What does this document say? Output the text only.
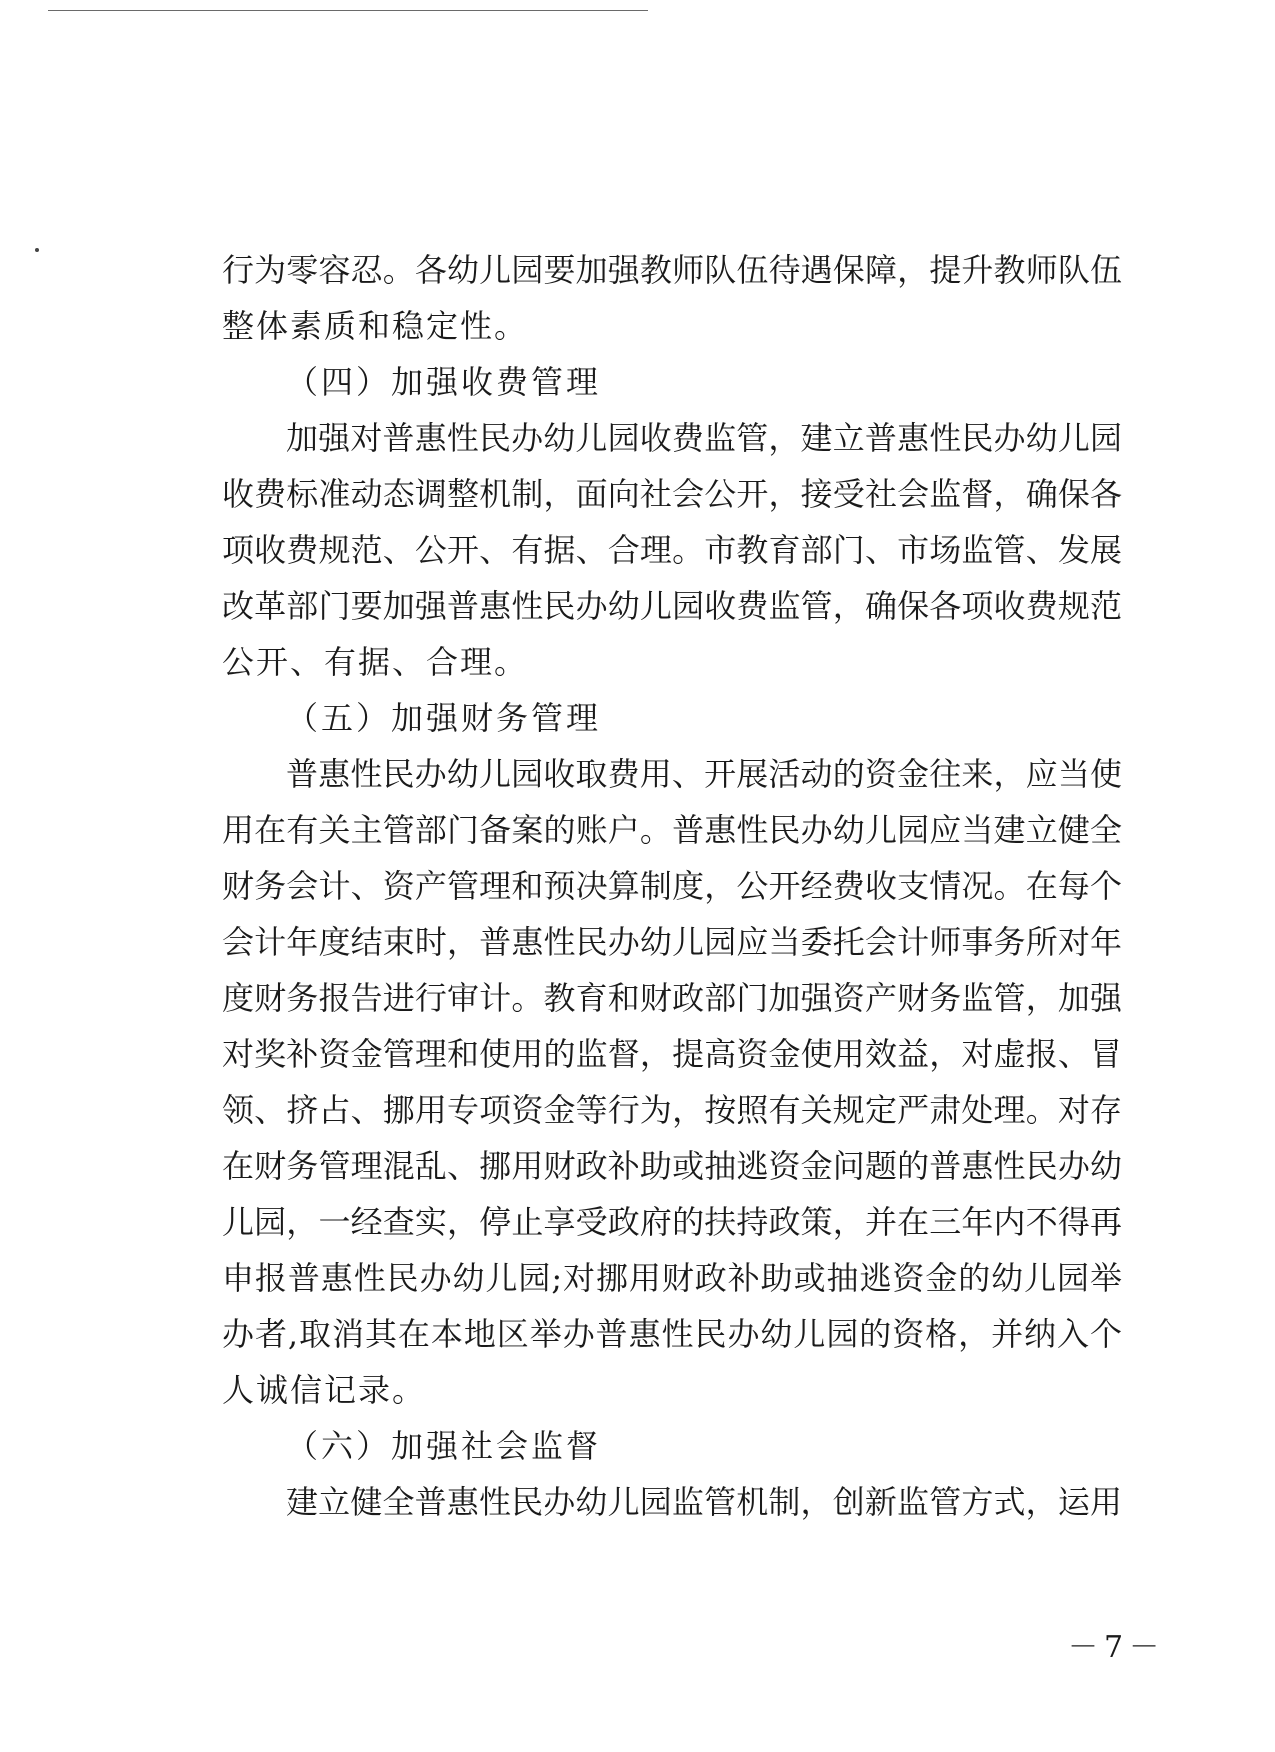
行为零容忍。各幼儿园要加强教师队伍待遇保障，提升教师队伍
整体素质和稳定性。
（四）加强收费管理
加强对普惠性民办幼儿园收费监管，建立普惠性民办幼儿园
收费标准动态调整机制，面向社会公开，接受社会监督，确保各
项收费规范、公开、有据、合理。市教育部门、市场监管、发展
改革部门要加强普惠性民办幼儿园收费监管，确保各项收费规范
公开、有据、合理。
（五）加强财务管理
普惠性民办幼儿园收取费用、开展活动的资金往来，应当使
用在有关主管部门备案的账户。普惠性民办幼儿园应当建立健全
财务会计、资产管理和预决算制度，公开经费收支情况。在每个
会计年度结束时，普惠性民办幼儿园应当委托会计师事务所对年
度财务报告进行审计。教育和财政部门加强资产财务监管，加强
对奖补资金管理和使用的监督，提高资金使用效益，对虚报、冒
领、挤占、挪用专项资金等行为，按照有关规定严肃处理。对存
在财务管理混乱、挪用财政补助或抽逃资金问题的普惠性民办幼
儿园，一经查实，停止享受政府的扶持政策，并在三年内不得再
申报普惠性民办幼儿园;对挪用财政补助或抽逃资金的幼儿园举
办者,取消其在本地区举办普惠性民办幼儿园的资格，并纳入个
人诚信记录。
（六）加强社会监督
建立健全普惠性民办幼儿园监管机制，创新监管方式，运用
－7－
